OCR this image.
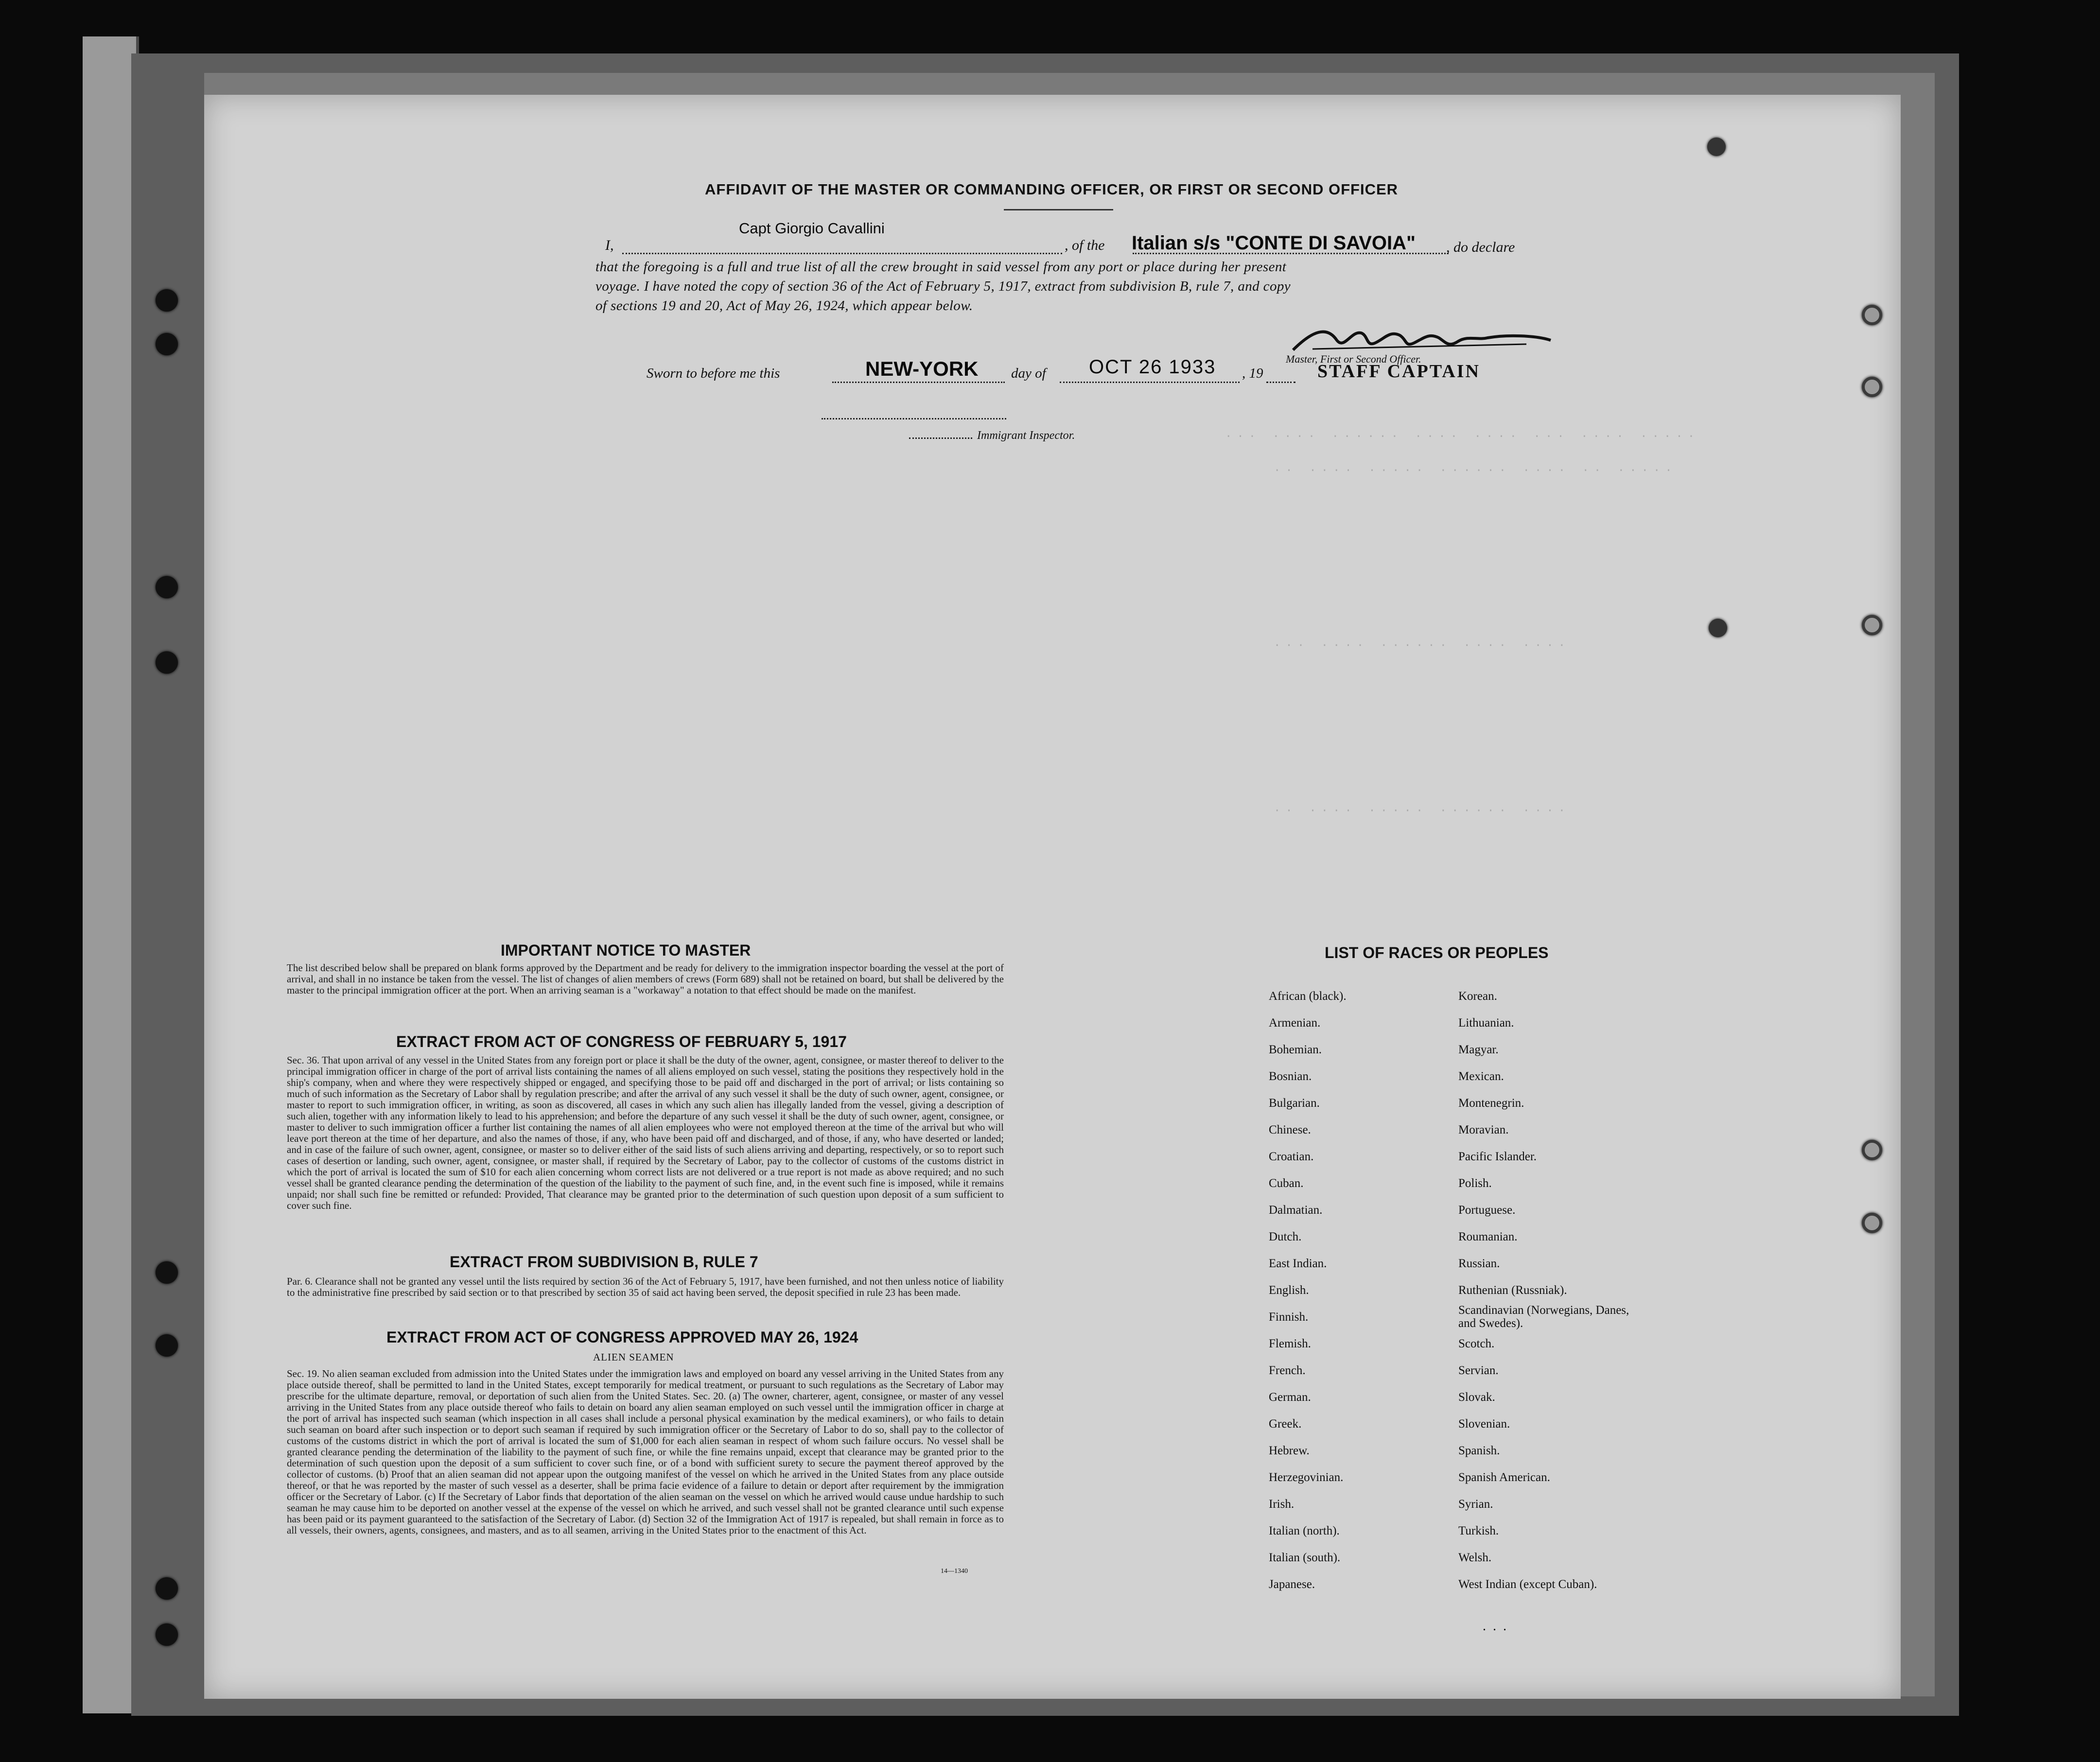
··· ···· ······ ···· ···· ··· ···· ·····
·· ···· ····· ······ ···· ·· ·····
··· ···· ······ ···· ····
·· ···· ····· ······ ····
AFFIDAVIT OF THE MASTER OR COMMANDING OFFICER, OR FIRST OR SECOND OFFICER
I,
Capt Giorgio Cavallini
, of the Italian s/s "CONTE DI SAVOIA" , do declare
that the foregoing is a full and true list of all the crew brought in said vessel from any port or place during her present
voyage. I have noted the copy of section 36 of the Act of February 5, 1917, extract from subdivision B, rule 7, and copy
of sections 19 and 20, Act of May 26, 1924, which appear below.
Sworn to before me this	NEW-YORK day of OCT 26 1933 , 19
Master, First or Second Officer.
STAFF CAPTAIN
Immigrant Inspector.
IMPORTANT NOTICE TO MASTER
The list described below shall be prepared on blank forms approved by the Department and be ready for delivery to the immigration inspector boarding the vessel at the port of arrival, and shall in no instance be taken from the vessel. The list of changes of alien members of crews (Form 689) shall not be retained on board, but shall be delivered by the master to the principal immigration officer at the port. When an arriving seaman is a "workaway" a notation to that effect should be made on the manifest.
EXTRACT FROM ACT OF CONGRESS OF FEBRUARY 5, 1917
Sec. 36. That upon arrival of any vessel in the United States from any foreign port or place it shall be the duty of the owner, agent, consignee, or master thereof to deliver to the principal immigration officer in charge of the port of arrival lists containing the names of all aliens employed on such vessel, stating the positions they respectively hold in the ship's company, when and where they were respectively shipped or engaged, and specifying those to be paid off and discharged in the port of arrival; or lists containing so much of such information as the Secretary of Labor shall by regulation prescribe; and after the arrival of any such vessel it shall be the duty of such owner, agent, consignee, or master to report to such immigration officer, in writing, as soon as discovered, all cases in which any such alien has illegally landed from the vessel, giving a description of such alien, together with any information likely to lead to his apprehension; and before the departure of any such vessel it shall be the duty of such owner, agent, consignee, or master to deliver to such immigration officer a further list containing the names of all alien employees who were not employed thereon at the time of the arrival but who will leave port thereon at the time of her departure, and also the names of those, if any, who have been paid off and discharged, and of those, if any, who have deserted or landed; and in case of the failure of such owner, agent, consignee, or master so to deliver either of the said lists of such aliens arriving and departing, respectively, or so to report such cases of desertion or landing, such owner, agent, consignee, or master shall, if required by the Secretary of Labor, pay to the collector of customs of the customs district in which the port of arrival is located the sum of $10 for each alien concerning whom correct lists are not delivered or a true report is not made as above required; and no such vessel shall be granted clearance pending the determination of the question of the liability to the payment of such fine, and, in the event such fine is imposed, while it remains unpaid; nor shall such fine be remitted or refunded: Provided, That clearance may be granted prior to the determination of such question upon deposit of a sum sufficient to cover such fine.
EXTRACT FROM SUBDIVISION B, RULE 7
Par. 6. Clearance shall not be granted any vessel until the lists required by section 36 of the Act of February 5, 1917, have been furnished, and not then unless notice of liability to the administrative fine prescribed by said section or to that prescribed by section 35 of said act having been served, the deposit specified in rule 23 has been made.
EXTRACT FROM ACT OF CONGRESS APPROVED MAY 26, 1924
ALIEN SEAMEN
Sec. 19. No alien seaman excluded from admission into the United States under the immigration laws and employed on board any vessel arriving in the United States from any place outside thereof, shall be permitted to land in the United States, except temporarily for medical treatment, or pursuant to such regulations as the Secretary of Labor may prescribe for the ultimate departure, removal, or deportation of such alien from the United States. Sec. 20. (a) The owner, charterer, agent, consignee, or master of any vessel arriving in the United States from any place outside thereof who fails to detain on board any alien seaman employed on such vessel until the immigration officer in charge at the port of arrival has inspected such seaman (which inspection in all cases shall include a personal physical examination by the medical examiners), or who fails to detain such seaman on board after such inspection or to deport such seaman if required by such immigration officer or the Secretary of Labor to do so, shall pay to the collector of customs of the customs district in which the port of arrival is located the sum of $1,000 for each alien seaman in respect of whom such failure occurs. No vessel shall be granted clearance pending the determination of the liability to the payment of such fine, or while the fine remains unpaid, except that clearance may be granted prior to the determination of such question upon the deposit of a sum sufficient to cover such fine, or of a bond with sufficient surety to secure the payment thereof approved by the collector of customs. (b) Proof that an alien seaman did not appear upon the outgoing manifest of the vessel on which he arrived in the United States from any place outside thereof, or that he was reported by the master of such vessel as a deserter, shall be prima facie evidence of a failure to detain or deport after requirement by the immigration officer or the Secretary of Labor. (c) If the Secretary of Labor finds that deportation of the alien seaman on the vessel on which he arrived would cause undue hardship to such seaman he may cause him to be deported on another vessel at the expense of the vessel on which he arrived, and such vessel shall not be granted clearance until such expense has been paid or its payment guaranteed to the satisfaction of the Secretary of Labor. (d) Section 32 of the Immigration Act of 1917 is repealed, but shall remain in force as to all vessels, their owners, agents, consignees, and masters, and as to all seamen, arriving in the United States prior to the enactment of this Act.
14—1340
LIST OF RACES OR PEOPLES
African (black).
Armenian.
Bohemian.
Bosnian.
Bulgarian.
Chinese.
Croatian.
Cuban.
Dalmatian.
Dutch.
East Indian.
English.
Finnish.
Flemish.
French.
German.
Greek.
Hebrew.
Herzegovinian.
Irish.
Italian (north).
Italian (south).
Japanese.
Korean.
Lithuanian.
Magyar.
Mexican.
Montenegrin.
Moravian.
Pacific Islander.
Polish.
Portuguese.
Roumanian.
Russian.
Ruthenian (Russniak).
Scandinavian (Norwegians, Danes, and Swedes).
Scotch.
Servian.
Slovak.
Slovenian.
Spanish.
Spanish American.
Syrian.
Turkish.
Welsh.
West Indian (except Cuban).
...
